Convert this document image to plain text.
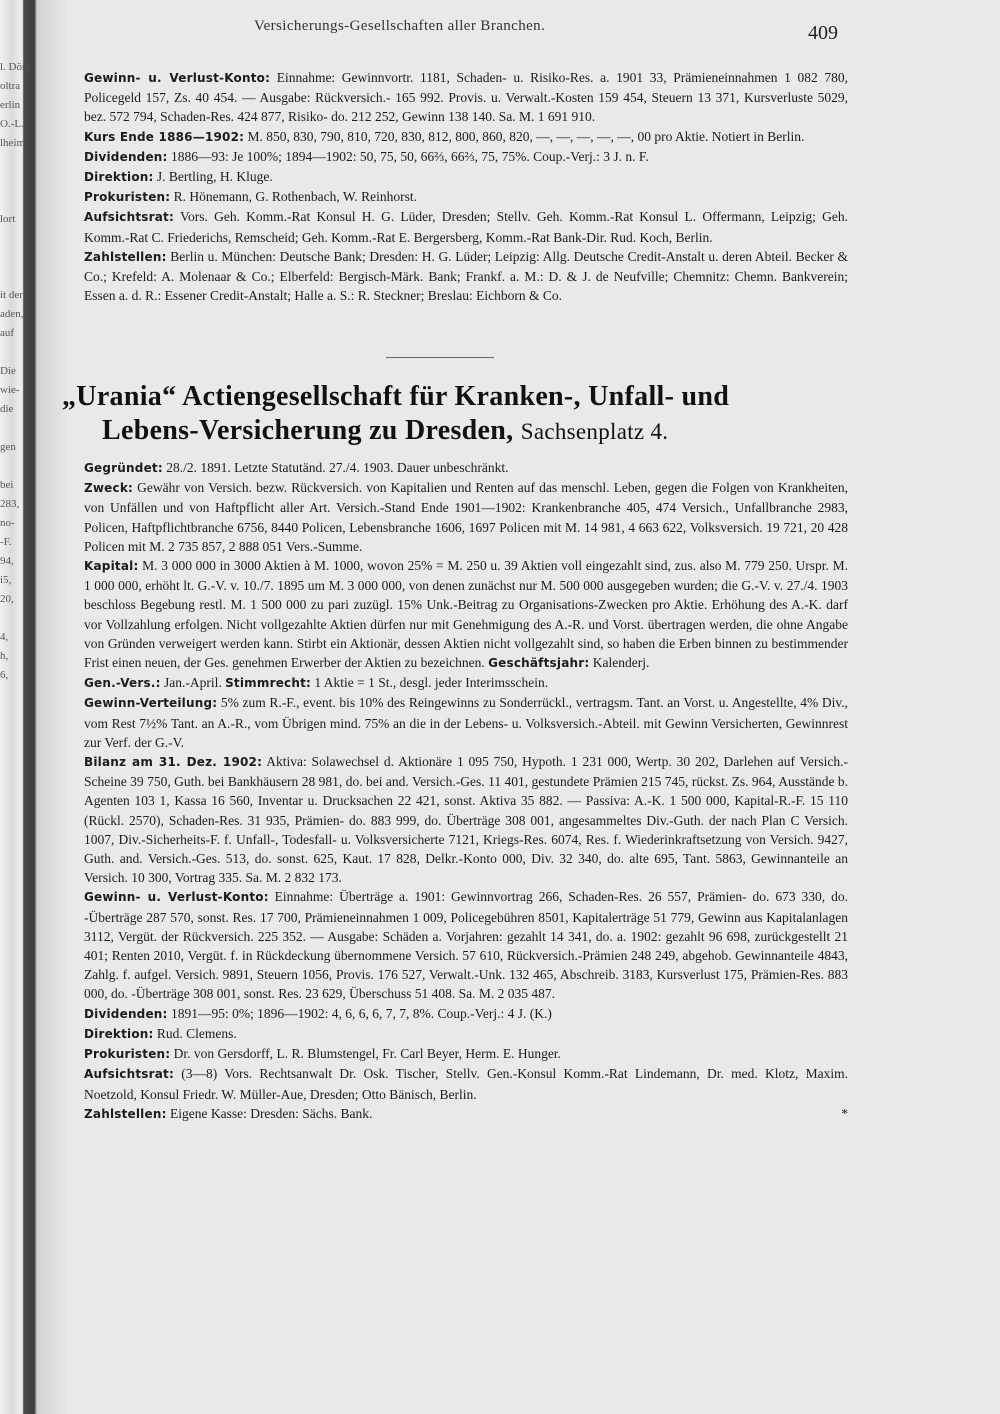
l. Dörr
oltra
erlin
O.-L.
lheim
lort
it der
aden,
auf
Die
wie-
die
gen
bei
283,
no-
-F.
94,
i5,
20,
4,
h,
6,
Versicherungs-Gesellschaften aller Branchen.	409

Gewinn- u. Verlust-Konto: Einnahme: Gewinnvortr. 1181, Schaden- u. Risiko-Res. a. 1901 33, Prämieneinnahmen 1 082 780, Policegeld 157, Zs. 40 454. — Ausgabe: Rückversich.- 165 992. Provis. u. Verwalt.-Kosten 159 454, Steuern 13 371, Kursverluste 5029, bez. 572 794, Schaden-Res. 424 877, Risiko- do. 212 252, Gewinn 138 140. Sa. M. 1 691 910.

Kurs Ende 1886—1902: M. 850, 830, 790, 810, 720, 830, 812, 800, 860, 820, —, —, —, —, —, 00 pro Aktie. Notiert in Berlin.

Dividenden: 1886—93: Je 100%; 1894—1902: 50, 75, 50, 66⅔, 66⅔, 75, 75%. Coup.-Verj.: 3 J. n. F.

Direktion: J. Bertling, H. Kluge.

Prokuristen: R. Hönemann, G. Rothenbach, W. Reinhorst.

Aufsichtsrat: Vors. Geh. Komm.-Rat Konsul H. G. Lüder, Dresden; Stellv. Geh. Komm.-Rat Konsul L. Offermann, Leipzig; Geh. Komm.-Rat C. Friederichs, Remscheid; Geh. Komm.-Rat E. Bergersberg, Komm.-Rat Bank-Dir. Rud. Koch, Berlin.

Zahlstellen: Berlin u. München: Deutsche Bank; Dresden: H. G. Lüder; Leipzig: Allg. Deutsche Credit-Anstalt u. deren Abteil. Becker & Co.; Krefeld: A. Molenaar & Co.; Elberfeld: Bergisch-Märk. Bank; Frankf. a. M.: D. & J. de Neufville; Chemnitz: Chemn. Bankverein; Essen a. d. R.: Essener Credit-Anstalt; Halle a. S.: R. Steckner; Breslau: Eichborn & Co.

„Urania“ Actiengesellschaft für Kranken-, Unfall- und
Lebens-Versicherung zu Dresden, Sachsenplatz 4.

Gegründet: 28./2. 1891. Letzte Statutänd. 27./4. 1903. Dauer unbeschränkt.

Zweck: Gewähr von Versich. bezw. Rückversich. von Kapitalien und Renten auf das menschl. Leben, gegen die Folgen von Krankheiten, von Unfällen und von Haftpflicht aller Art. Versich.-Stand Ende 1901—1902: Krankenbranche 405, 474 Versich., Unfallbranche 2983, Policen, Haftpflichtbranche 6756, 8440 Policen, Lebensbranche 1606, 1697 Policen mit M. 14 981, 4 663 622, Volksversich. 19 721, 20 428 Policen mit M. 2 735 857, 2 888 051 Vers.-Summe.

Kapital: M. 3 000 000 in 3000 Aktien à M. 1000, wovon 25% = M. 250 u. 39 Aktien voll eingezahlt sind, zus. also M. 779 250. Urspr. M. 1 000 000, erhöht lt. G.-V. v. 10./7. 1895 um M. 3 000 000, von denen zunächst nur M. 500 000 ausgegeben wurden; die G.-V. v. 27./4. 1903 beschloss Begebung restl. M. 1 500 000 zu pari zuzügl. 15% Unk.-Beitrag zu Organisations-Zwecken pro Aktie. Erhöhung des A.-K. darf vor Vollzahlung erfolgen. Nicht vollgezahlte Aktien dürfen nur mit Genehmigung des A.-R. und Vorst. übertragen werden, die ohne Angabe von Gründen verweigert werden kann. Stirbt ein Aktionär, dessen Aktien nicht vollgezahlt sind, so haben die Erben binnen zu bestimmender Frist einen neuen, der Ges. genehmen Erwerber der Aktien zu bezeichnen. Geschäftsjahr: Kalenderj.

Gen.-Vers.: Jan.-April. Stimmrecht: 1 Aktie = 1 St., desgl. jeder Interimsschein.

Gewinn-Verteilung: 5% zum R.-F., event. bis 10% des Reingewinns zu Sonderrückl., vertragsm. Tant. an Vorst. u. Angestellte, 4% Div., vom Rest 7½% Tant. an A.-R., vom Übrigen mind. 75% an die in der Lebens- u. Volksversich.-Abteil. mit Gewinn Versicherten, Gewinnrest zur Verf. der G.-V.

Bilanz am 31. Dez. 1902: Aktiva: Solawechsel d. Aktionäre 1 095 750, Hypoth. 1 231 000, Wertp. 30 202, Darlehen auf Versich.-Scheine 39 750, Guth. bei Bankhäusern 28 981, do. bei and. Versich.-Ges. 11 401, gestundete Prämien 215 745, rückst. Zs. 964, Ausstände b. Agenten 103 1, Kassa 16 560, Inventar u. Drucksachen 22 421, sonst. Aktiva 35 882. — Passiva: A.-K. 1 500 000, Kapital-R.-F. 15 110 (Rückl. 2570), Schaden-Res. 31 935, Prämien- do. 883 999, do. Überträge 308 001, angesammeltes Div.-Guth. der nach Plan C Versich. 1007, Div.-Sicherheits-F. f. Unfall-, Todesfall- u. Volksversicherte 7121, Kriegs-Res. 6074, Res. f. Wiederinkraftsetzung von Versich. 9427, Guth. and. Versich.-Ges. 513, do. sonst. 625, Kaut. 17 828, Delkr.-Konto 000, Div. 32 340, do. alte 695, Tant. 5863, Gewinnanteile an Versich. 10 300, Vortrag 335. Sa. M. 2 832 173.

Gewinn- u. Verlust-Konto: Einnahme: Überträge a. 1901: Gewinnvortrag 266, Schaden-Res. 26 557, Prämien- do. 673 330, do. -Überträge 287 570, sonst. Res. 17 700, Prämieneinnahmen 1 009, Policegebühren 8501, Kapitalerträge 51 779, Gewinn aus Kapitalanlagen 3112, Vergüt. der Rückversich. 225 352. — Ausgabe: Schäden a. Vorjahren: gezahlt 14 341, do. a. 1902: gezahlt 96 698, zurückgestellt 21 401; Renten 2010, Vergüt. f. in Rückdeckung übernommene Versich. 57 610, Rückversich.-Prämien 248 249, abgehob. Gewinnanteile 4843, Zahlg. f. aufgel. Versich. 9891, Steuern 1056, Provis. 176 527, Verwalt.-Unk. 132 465, Abschreib. 3183, Kursverlust 175, Prämien-Res. 883 000, do. -Überträge 308 001, sonst. Res. 23 629, Überschuss 51 408. Sa. M. 2 035 487.

Dividenden: 1891—95: 0%; 1896—1902: 4, 6, 6, 6, 7, 7, 8%. Coup.-Verj.: 4 J. (K.)

Direktion: Rud. Clemens.

Prokuristen: Dr. von Gersdorff, L. R. Blumstengel, Fr. Carl Beyer, Herm. E. Hunger.

Aufsichtsrat: (3—8) Vors. Rechtsanwalt Dr. Osk. Tischer, Stellv. Gen.-Konsul Komm.-Rat Lindemann, Dr. med. Klotz, Maxim. Noetzold, Konsul Friedr. W. Müller-Aue, Dresden; Otto Bänisch, Berlin.

Zahlstellen: Eigene Kasse: Dresden: Sächs. Bank.	*
